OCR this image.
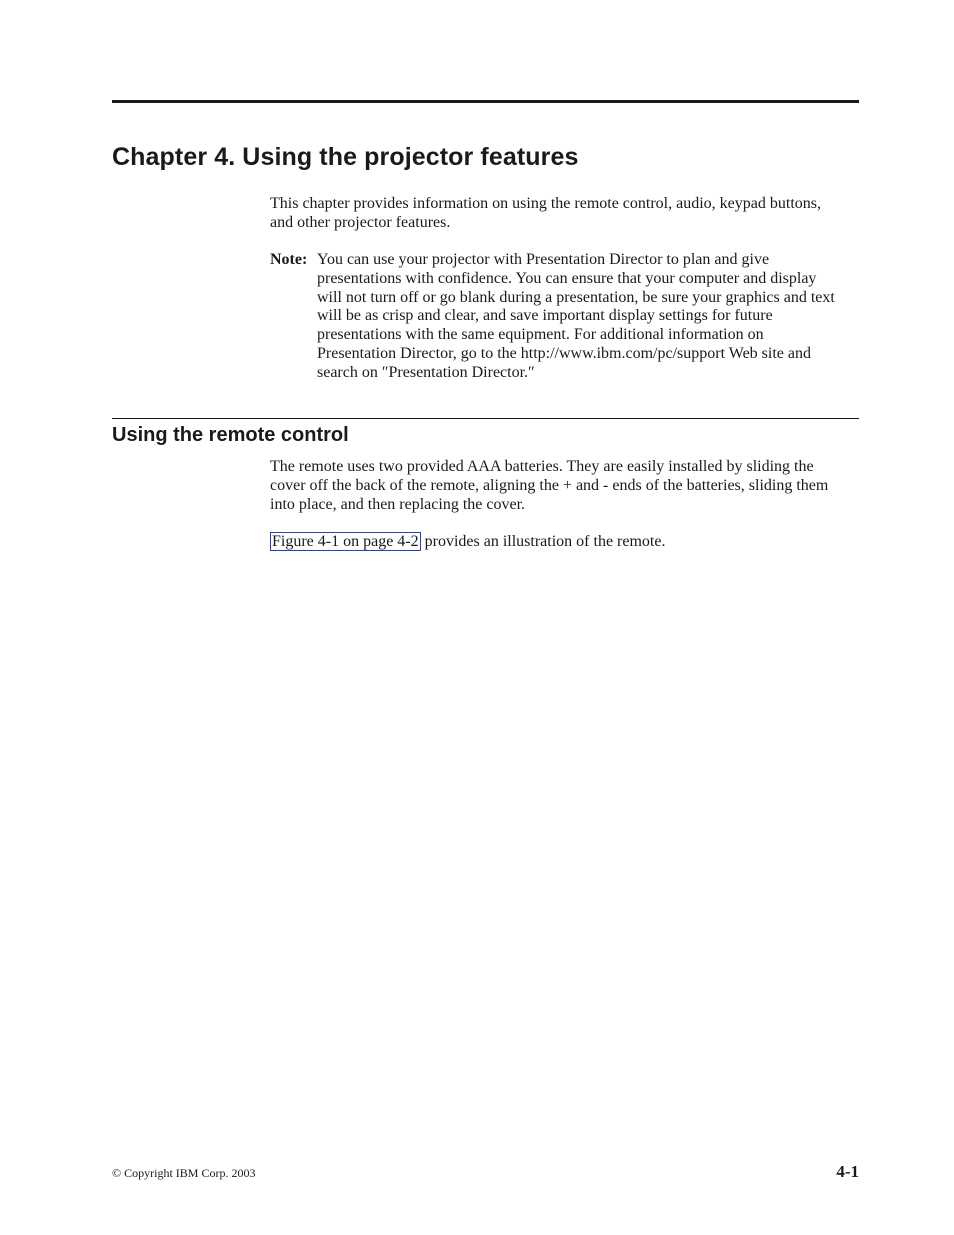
Chapter 4. Using the projector features

This chapter provides information on using the remote control, audio, keypad buttons, and other projector features.

Note: You can use your projector with Presentation Director to plan and give presentations with confidence. You can ensure that your computer and display will not turn off or go blank during a presentation, be sure your graphics and text will be as crisp and clear, and save important display settings for future presentations with the same equipment. For additional information on Presentation Director, go to the http://www.ibm.com/pc/support Web site and search on ″Presentation Director.″

Using the remote control

The remote uses two provided AAA batteries. They are easily installed by sliding the cover off the back of the remote, aligning the + and - ends of the batteries, sliding them into place, and then replacing the cover.

Figure 4-1 on page 4-2 provides an illustration of the remote.

© Copyright IBM Corp. 2003	4-1
